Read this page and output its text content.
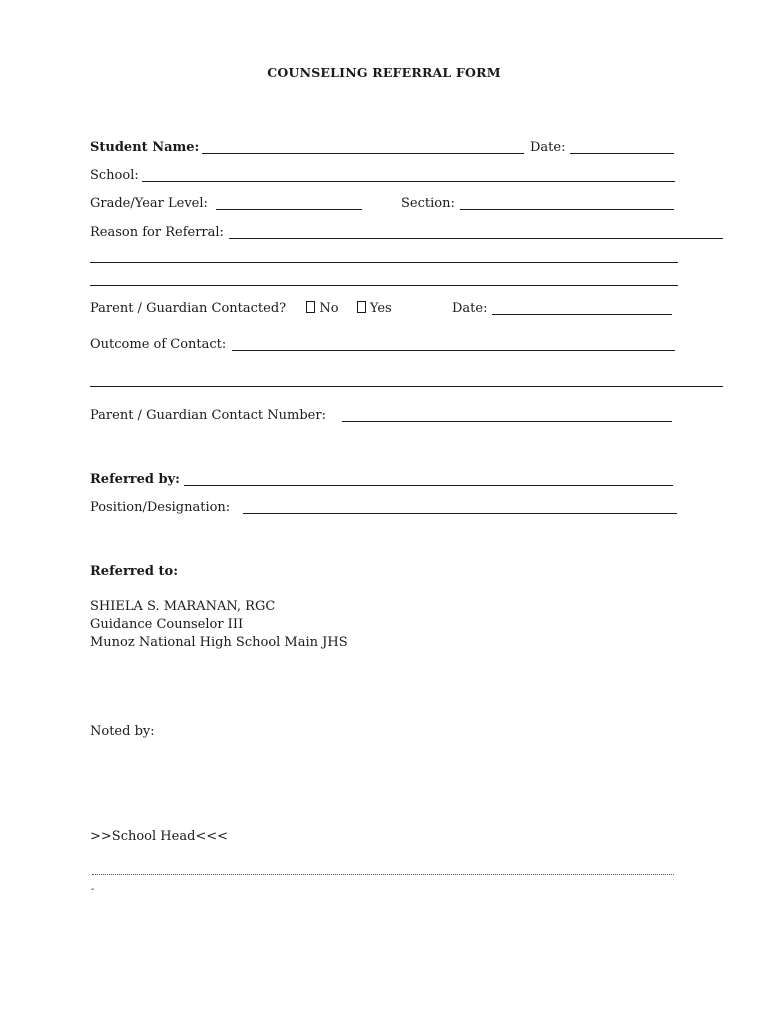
COUNSELING REFERRAL FORM
Student Name:	Date:
School:
Grade/Year Level:	Section:
Reason for Referral:
Parent / Guardian Contacted?	No Yes	Date:
Outcome of Contact:
Parent / Guardian Contact Number:
Referred by:
Position/Designation:
Referred to:
SHIELA S. MARANAN, RGC
Guidance Counselor III
Munoz National High School Main JHS
Noted by:
>>School Head<<<
-
